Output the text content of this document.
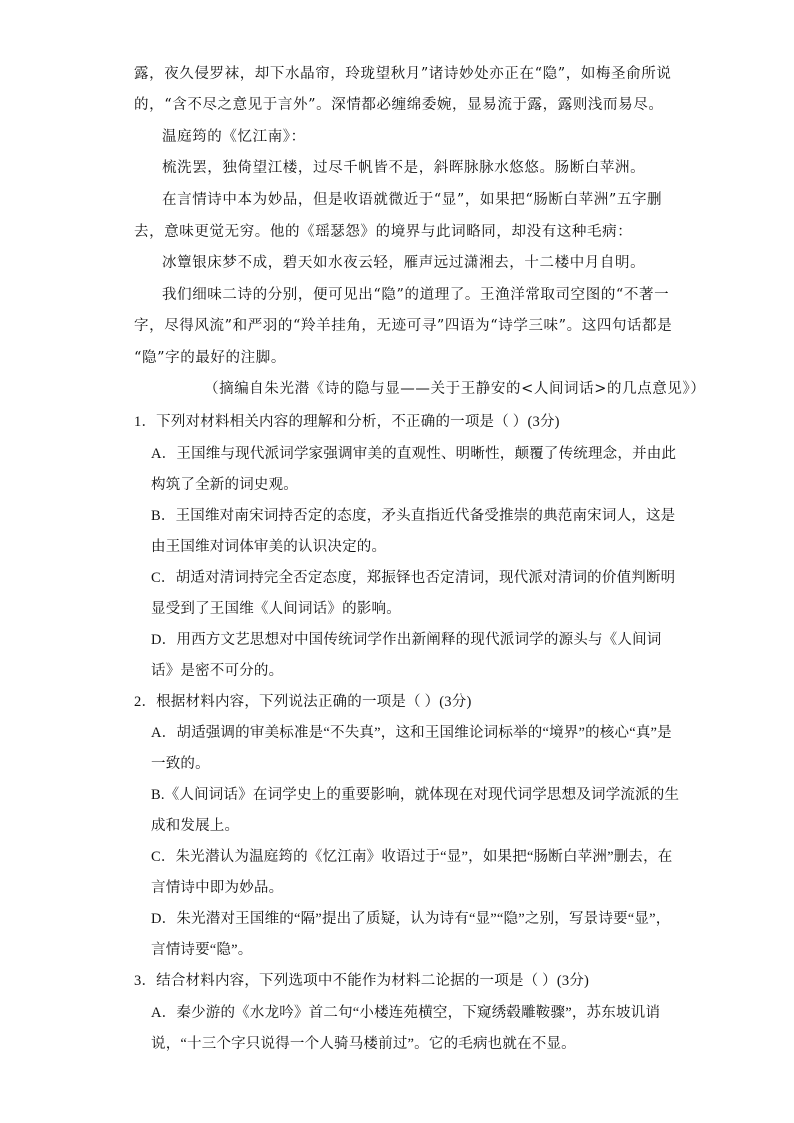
露，夜久侵罗袜，却下水晶帘，玲珑望秋月”诸诗妙处亦正在“隐”，如梅圣俞所说
的，“含不尽之意见于言外”。深情都必缠绵委婉，显易流于露，露则浅而易尽。
温庭筠的《忆江南》：
梳洗罢，独倚望江楼，过尽千帆皆不是，斜晖脉脉水悠悠。肠断白苹洲。
在言情诗中本为妙品，但是收语就微近于“显”，如果把“肠断白苹洲”五字删
去，意味更觉无穷。他的《瑶瑟怨》的境界与此词略同，却没有这种毛病：
冰簟银床梦不成，碧天如水夜云轻，雁声远过潇湘去，十二楼中月自明。
我们细味二诗的分别，便可见出“隐”的道理了。王渔洋常取司空图的“不著一
字，尽得风流”和严羽的“羚羊挂角，无迹可寻”四语为“诗学三味”。这四句话都是
“隐”字的最好的注脚。
（摘编自朱光潜《诗的隐与显——关于王静安的<人间词话>的几点意见》）
1．下列对材料相关内容的理解和分析，不正确的一项是（ ）(3分)
A．王国维与现代派词学家强调审美的直观性、明晰性，颠覆了传统理念，并由此
构筑了全新的词史观。
B．王国维对南宋词持否定的态度，矛头直指近代备受推崇的典范南宋词人，这是
由王国维对词体审美的认识决定的。
C．胡适对清词持完全否定态度，郑振铎也否定清词，现代派对清词的价值判断明
显受到了王国维《人间词话》的影响。
D．用西方文艺思想对中国传统词学作出新阐释的现代派词学的源头与《人间词
话》是密不可分的。
2．根据材料内容，下列说法正确的一项是（ ）(3分)
A．胡适强调的审美标准是“不失真”，这和王国维论词标举的“境界”的核心“真”是
一致的。
B.《人间词话》在词学史上的重要影响，就体现在对现代词学思想及词学流派的生
成和发展上。
C．朱光潜认为温庭筠的《忆江南》收语过于“显”，如果把“肠断白苹洲”删去，在
言情诗中即为妙品。
D．朱光潜对王国维的“隔”提出了质疑，认为诗有“显”“隐”之别，写景诗要“显”，
言情诗要“隐”。
3．结合材料内容，下列选项中不能作为材料二论据的一项是（ ）(3分)
A．秦少游的《水龙吟》首二句“小楼连苑横空，下窥绣毂雕鞍骤”，苏东坡讥诮
说，“十三个字只说得一个人骑马楼前过”。它的毛病也就在不显。
